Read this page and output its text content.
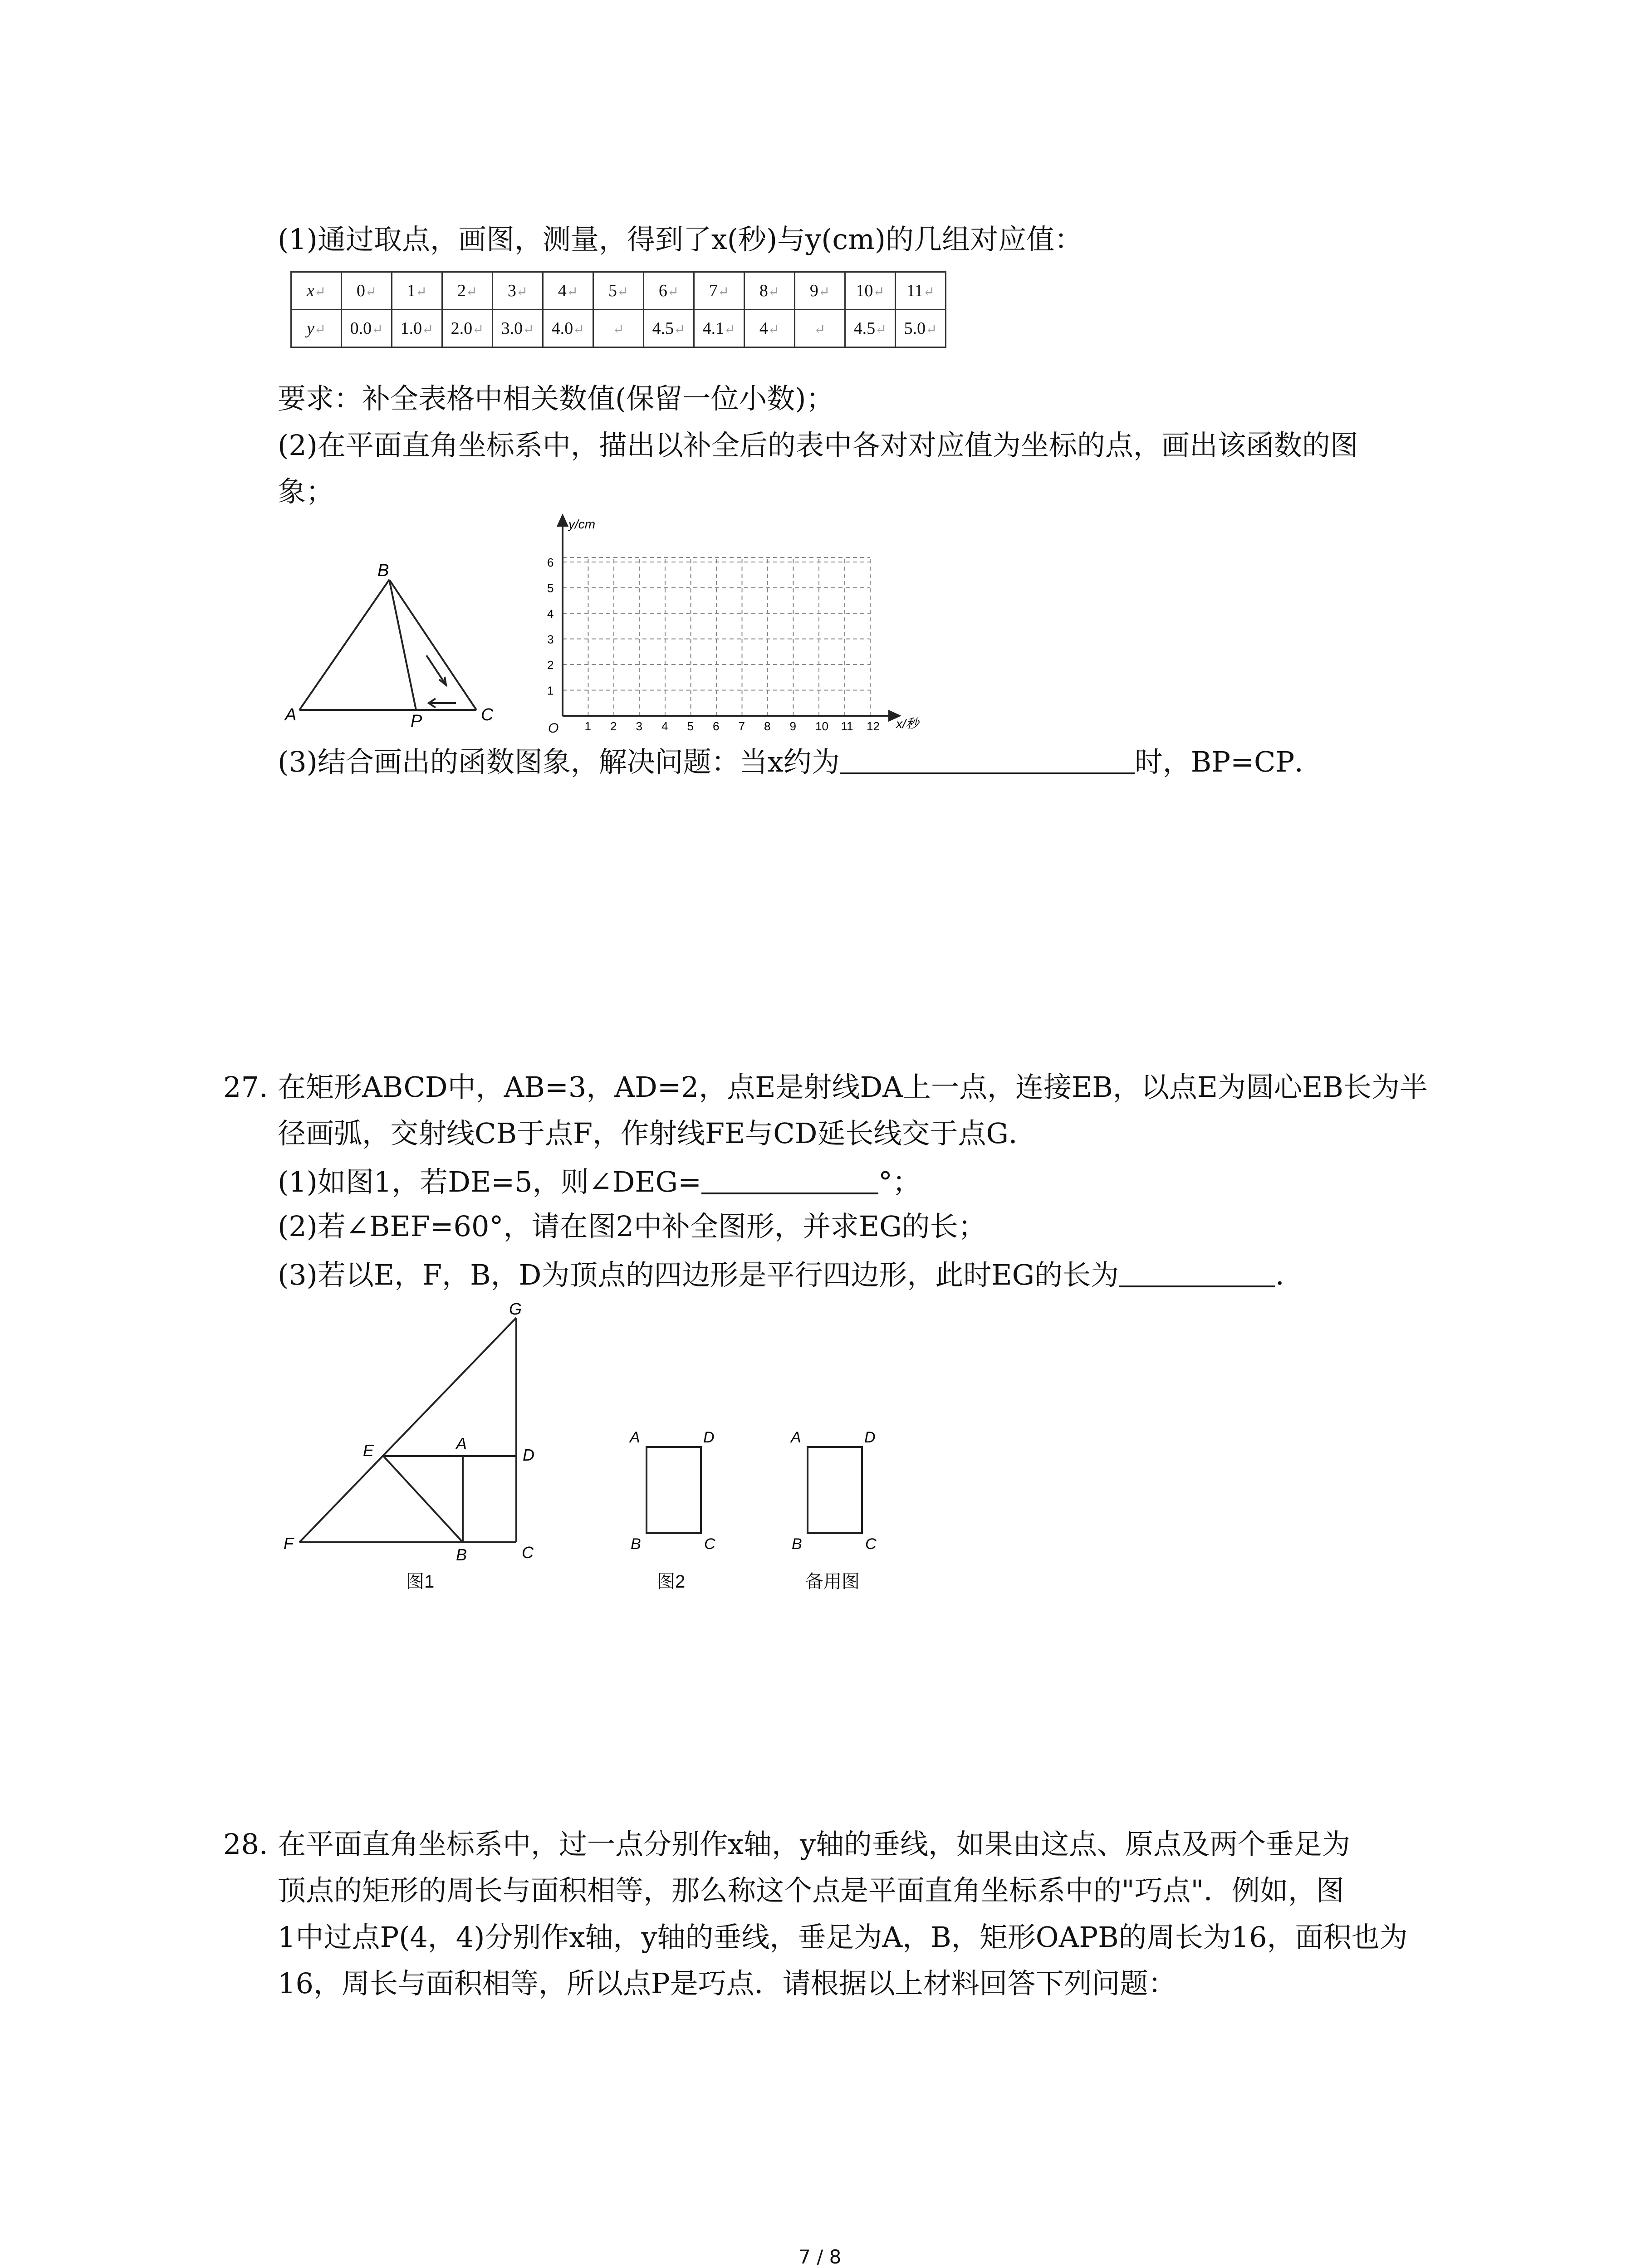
(1)通过取点，画图，测量，得到了x(秒)与y(cm)的几组对应值：
x↵	0↵	1↵	2↵	3↵	4↵	5↵	6↵	7↵	8↵	9↵	10↵	11↵
y↵	0.0↵	1.0↵	2.0↵	3.0↵	4.0↵	↵	4.5↵	4.1↵	4↵	↵	4.5↵	5.0↵
要求：补全表格中相关数值(保留一位小数)；
(2)在平面直角坐标系中，描出以补全后的表中各对对应值为坐标的点，画出该函数的图
象；
B
A	P	C
1 2 3 4 5 6 7 8 9 10 11 12
1
2
3
4
5
6
y/cm
x/秒
O
(3)结合画出的函数图象，解决问题：当x约为	时，BP=CP．
27. 在矩形ABCD中，AB=3，AD=2，点E是射线DA上一点，连接EB，以点E为圆心EB长为半
径画弧，交射线CB于点F，作射线FE与CD延长线交于点G．
(1)如图1，若DE=5，则∠DEG=	°；
(2)若∠BEF=60°，请在图2中补全图形，并求EG的长；
(3)若以E，F，B，D为顶点的四边形是平行四边形，此时EG的长为	．
G
E	A
D
F
B	C
图1
A	D
B	C
图2
A	D
B	C
备用图
28. 在平面直角坐标系中，过一点分别作x轴，y轴的垂线，如果由这点、原点及两个垂足为
顶点的矩形的周长与面积相等，那么称这个点是平面直角坐标系中的"巧点"．例如，图
1中过点P(4，4)分别作x轴，y轴的垂线，垂足为A，B，矩形OAPB的周长为16，面积也为
16，周长与面积相等，所以点P是巧点．请根据以上材料回答下列问题：
7 / 8
